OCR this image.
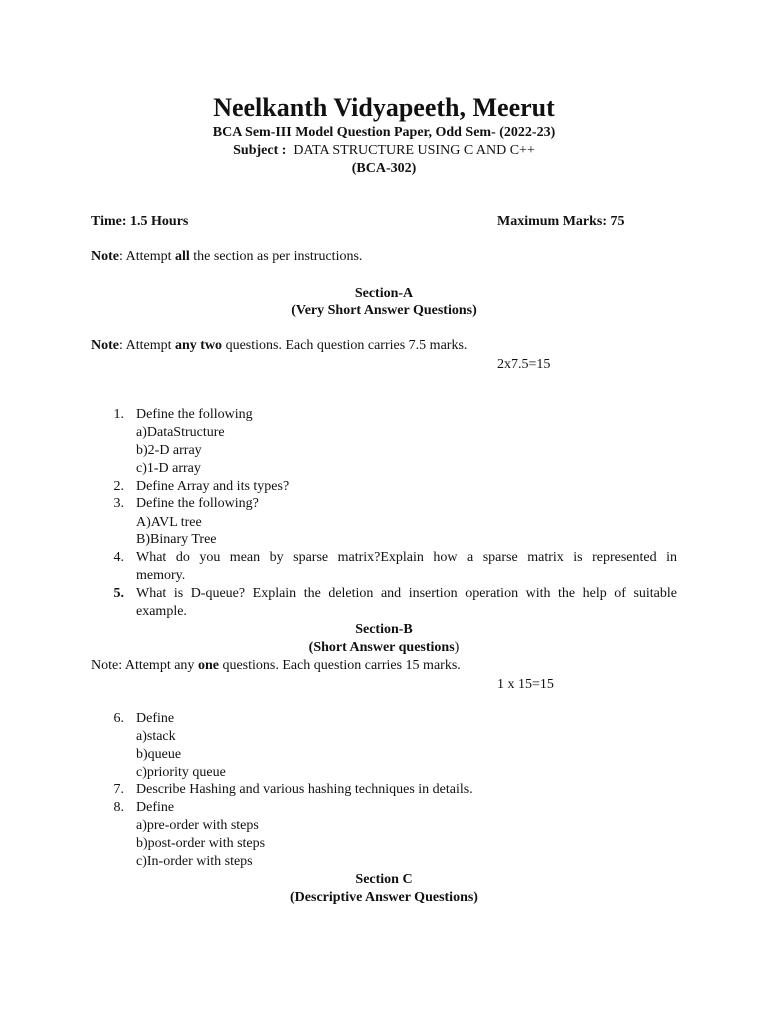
Neelkanth Vidyapeeth, Meerut
BCA Sem-III Model Question Paper, Odd Sem- (2022-23)
Subject : DATA STRUCTURE USING C AND C++
(BCA-302)
Time: 1.5 Hours	Maximum Marks: 75
Note: Attempt all the section as per instructions.
Section-A
(Very Short Answer Questions)
Note: Attempt any two questions. Each question carries 7.5 marks.
2x7.5=15
1. Define the following
a)DataStructure
b)2-D array
c)1-D array
2. Define Array and its types?
3. Define the following?
A)AVL tree
B)Binary Tree
4. What do you mean by sparse matrix?Explain how a sparse matrix is represented in
memory.
5. What is D-queue? Explain the deletion and insertion operation with the help of suitable
example.
Section-B
(Short Answer questions)
Note: Attempt any one questions. Each question carries 15 marks.
1 x 15=15
6. Define
a)stack
b)queue
c)priority queue
7. Describe Hashing and various hashing techniques in details.
8. Define
a)pre-order with steps
b)post-order with steps
c)In-order with steps
Section C
(Descriptive Answer Questions)
